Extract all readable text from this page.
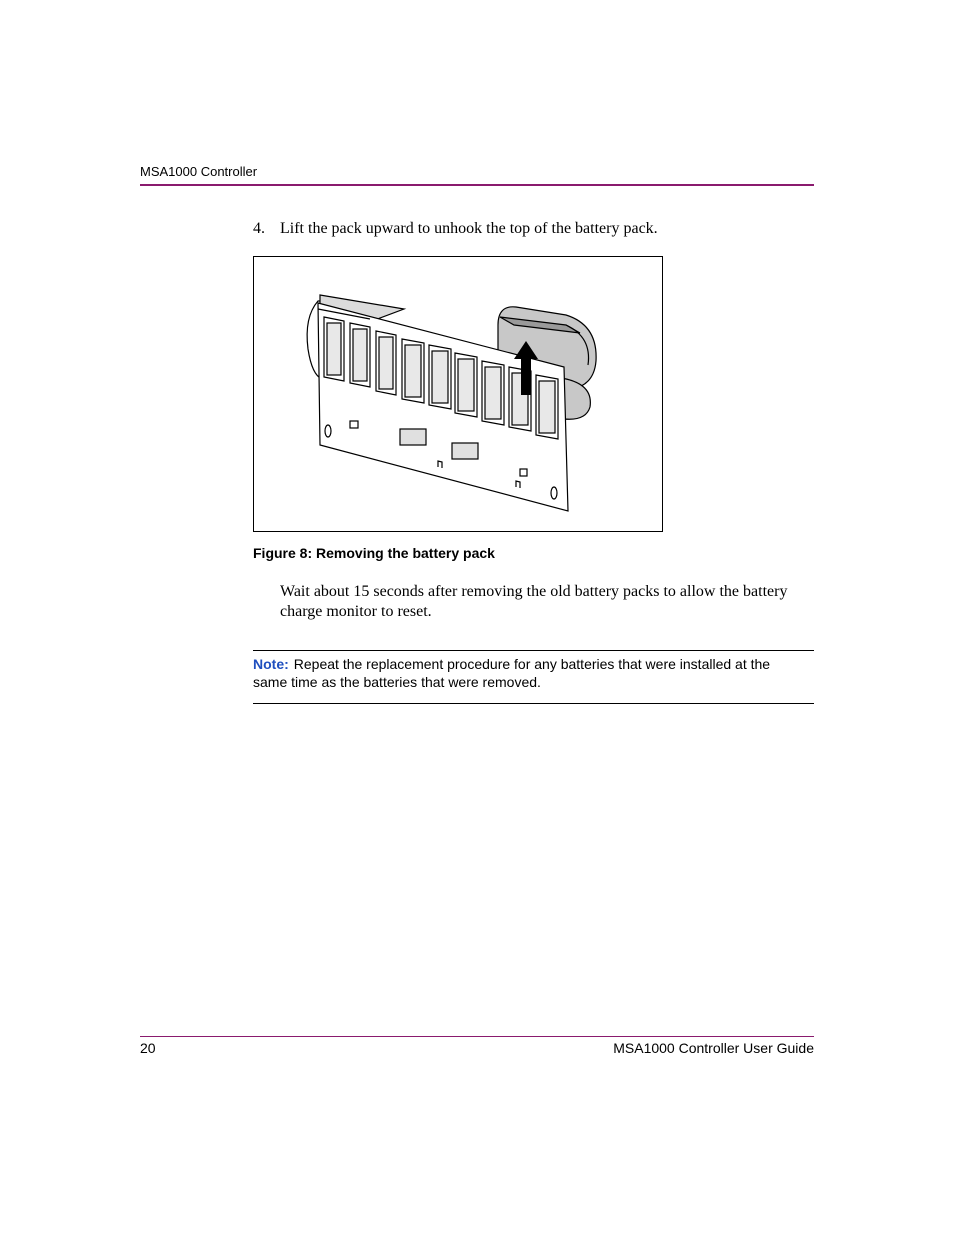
MSA1000 Controller
4. Lift the pack upward to unhook the top of the battery pack.
Figure 8: Removing the battery pack
Wait about 15 seconds after removing the old battery packs to allow the battery charge monitor to reset.
Note: Repeat the replacement procedure for any batteries that were installed at the same time as the batteries that were removed.
20	MSA1000 Controller User Guide
